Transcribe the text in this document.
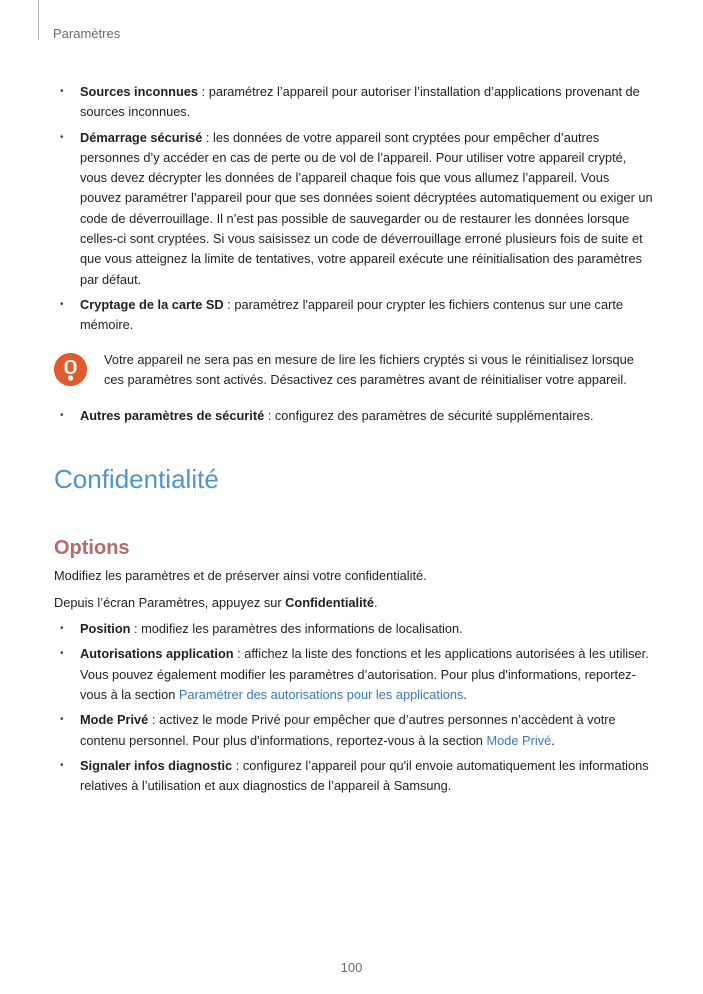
Paramètres
• Sources inconnues : paramétrez l’appareil pour autoriser l’installation d’applications provenant de sources inconnues.
• Démarrage sécurisé : les données de votre appareil sont cryptées pour empêcher d’autres personnes d’y accéder en cas de perte ou de vol de l’appareil. Pour utiliser votre appareil crypté, vous devez décrypter les données de l’appareil chaque fois que vous allumez l’appareil. Vous pouvez paramétrer l’appareil pour que ses données soient décryptées automatiquement ou exiger un code de déverrouillage. Il n’est pas possible de sauvegarder ou de restaurer les données lorsque celles-ci sont cryptées. Si vous saisissez un code de déverrouillage erroné plusieurs fois de suite et que vous atteignez la limite de tentatives, votre appareil exécute une réinitialisation des paramètres par défaut.
• Cryptage de la carte SD : paramétrez l'appareil pour crypter les fichiers contenus sur une carte mémoire.
Votre appareil ne sera pas en mesure de lire les fichiers cryptés si vous le réinitialisez lorsque ces paramètres sont activés. Désactivez ces paramètres avant de réinitialiser votre appareil.
• Autres paramètres de sécurité : configurez des paramètres de sécurité supplémentaires.
Confidentialité
Options

Modifiez les paramètres et de préserver ainsi votre confidentialité.

Depuis l’écran Paramètres, appuyez sur Confidentialité.

• Position : modifiez les paramètres des informations de localisation.
• Autorisations application : affichez la liste des fonctions et les applications autorisées à les utiliser. Vous pouvez également modifier les paramètres d’autorisation. Pour plus d'informations, reportez-vous à la section Paramétrer des autorisations pour les applications.
• Mode Privé : activez le mode Privé pour empêcher que d’autres personnes n’accèdent à votre contenu personnel. Pour plus d'informations, reportez-vous à la section Mode Privé.
• Signaler infos diagnostic : configurez l’appareil pour qu'il envoie automatiquement les informations relatives à l’utilisation et aux diagnostics de l’appareil à Samsung.
100
